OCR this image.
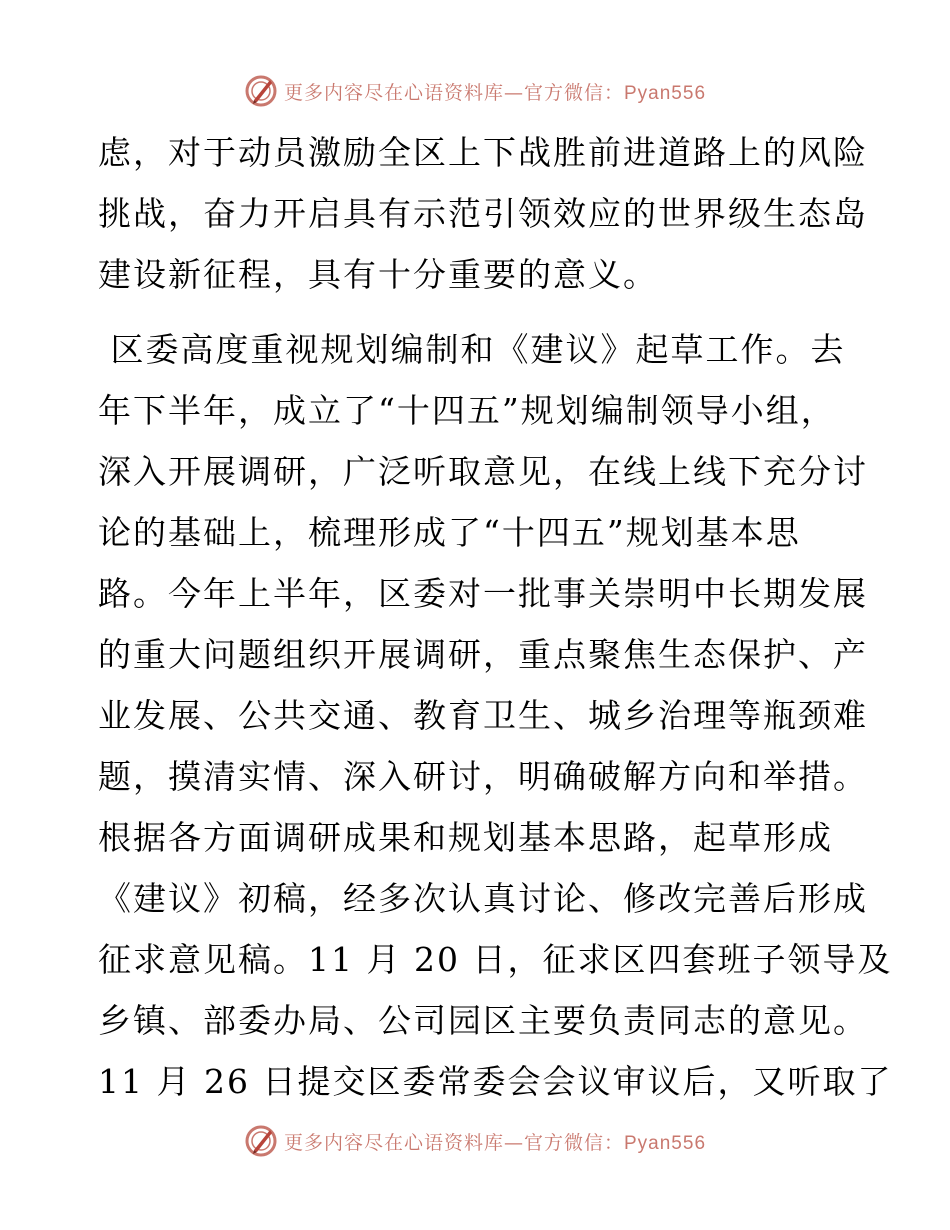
更多内容尽在心语资料库—官方微信：Pyan556
虑，对于动员激励全区上下战胜前进道路上的风险
挑战，奋力开启具有示范引领效应的世界级生态岛
建设新征程，具有十分重要的意义。
区委高度重视规划编制和《建议》起草工作。去
年下半年，成立了“十四五”规划编制领导小组，
深入开展调研，广泛听取意见，在线上线下充分讨
论的基础上，梳理形成了“十四五”规划基本思
路。今年上半年，区委对一批事关崇明中长期发展
的重大问题组织开展调研，重点聚焦生态保护、产
业发展、公共交通、教育卫生、城乡治理等瓶颈难
题，摸清实情、深入研讨，明确破解方向和举措。
根据各方面调研成果和规划基本思路，起草形成
《建议》初稿，经多次认真讨论、修改完善后形成
征求意见稿。11 月 20 日，征求区四套班子领导及
乡镇、部委办局、公司园区主要负责同志的意见。
11 月 26 日提交区委常委会会议审议后，又听取了
更多内容尽在心语资料库—官方微信：Pyan556
